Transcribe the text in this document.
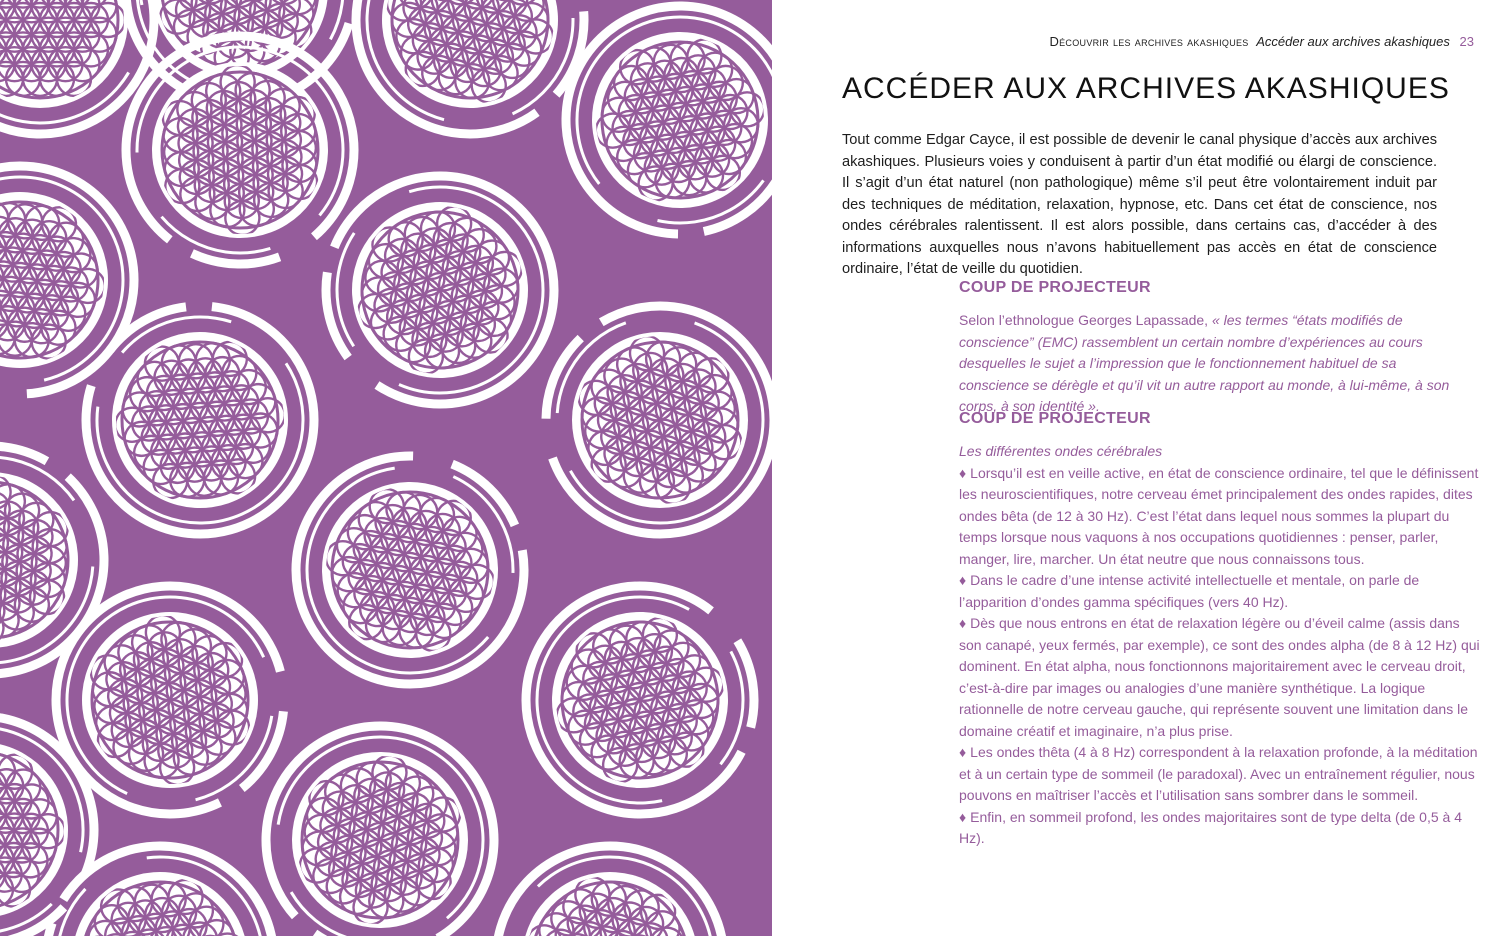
Découvrir les archives akashiques Accéder aux archives akashiques 23
ACCÉDER AUX ARCHIVES AKASHIQUES

Tout comme Edgar Cayce, il est possible de devenir le canal physique d’accès aux archives akashiques. Plusieurs voies y conduisent à partir d’un état modifié ou élargi de conscience. Il s’agit d’un état naturel (non pathologique) même s’il peut être volontairement induit par des techniques de méditation, relaxation, hypnose, etc. Dans cet état de conscience, nos ondes cérébrales ralentissent. Il est alors possible, dans certains cas, d’accéder à des informations auxquelles nous n’avons habituellement pas accès en état de conscience ordinaire, l’état de veille du quotidien.

COUP DE PROJECTEUR

Selon l’ethnologue Georges Lapassade, « les termes “états modifiés de conscience” (EMC) rassemblent un certain nombre d’expériences au cours desquelles le sujet a l’impression que le fonctionnement habituel de sa conscience se dérègle et qu’il vit un autre rapport au monde, à lui-même, à son corps, à son identité ».

COUP DE PROJECTEUR
Les différentes ondes cérébrales
♦ Lorsqu’il est en veille active, en état de conscience ordinaire, tel que le définissent les neuroscientifiques, notre cerveau émet principalement des ondes rapides, dites ondes bêta (de 12 à 30 Hz). C’est l’état dans lequel nous sommes la plupart du temps lorsque nous vaquons à nos occupations quotidiennes : penser, parler, manger, lire, marcher. Un état neutre que nous connaissons tous.
♦ Dans le cadre d’une intense activité intellectuelle et mentale, on parle de l’apparition d’ondes gamma spécifiques (vers 40 Hz).
♦ Dès que nous entrons en état de relaxation légère ou d’éveil calme (assis dans son canapé, yeux fermés, par exemple), ce sont des ondes alpha (de 8 à 12 Hz) qui dominent. En état alpha, nous fonctionnons majoritairement avec le cerveau droit, c’est-à-dire par images ou analogies d’une manière synthétique. La logique rationnelle de notre cerveau gauche, qui représente souvent une limitation dans le domaine créatif et imaginaire, n’a plus prise.
♦ Les ondes thêta (4 à 8 Hz) correspondent à la relaxation profonde, à la méditation et à un certain type de sommeil (le paradoxal). Avec un entraînement régulier, nous pouvons en maîtriser l’accès et l’utilisation sans sombrer dans le sommeil.
♦ Enfin, en sommeil profond, les ondes majoritaires sont de type delta (de 0,5 à 4 Hz).
